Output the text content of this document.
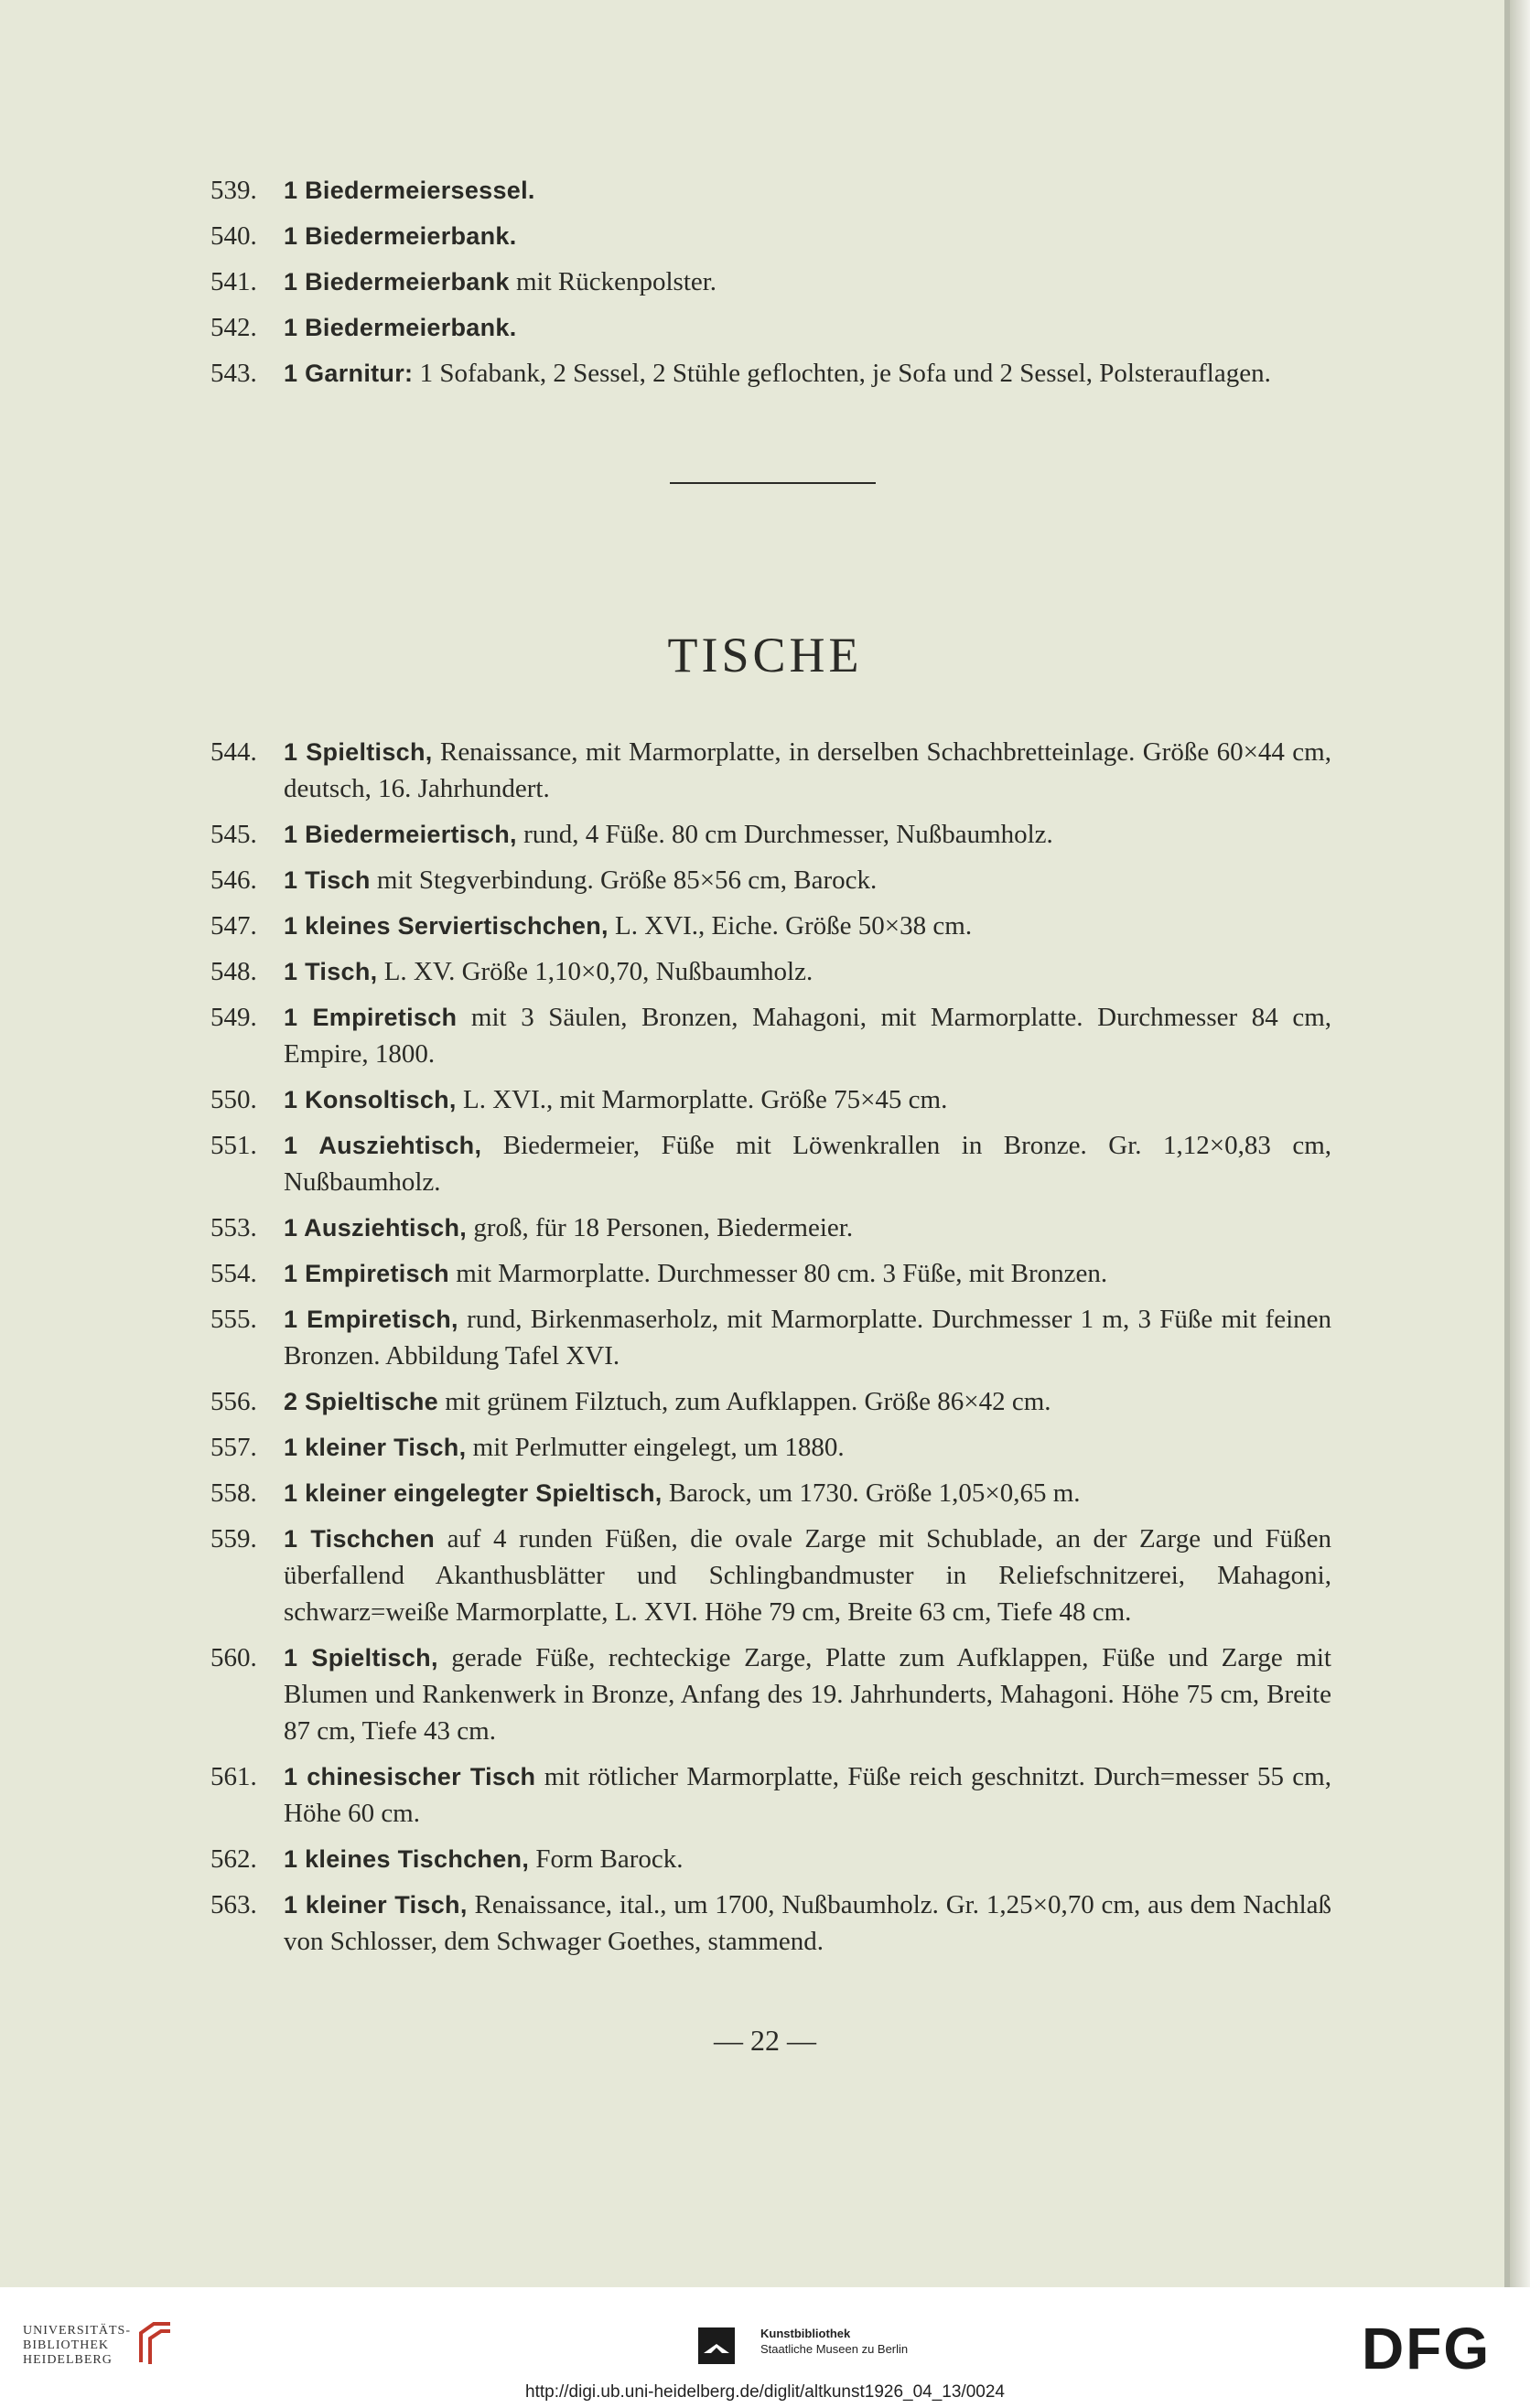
539.	1 Biedermeiersessel.
540.	1 Biedermeierbank.
541.	1 Biedermeierbank mit Rückenpolster.
542.	1 Biedermeierbank.
543.	1 Garnitur: 1 Sofabank, 2 Sessel, 2 Stühle geflochten, je Sofa und 2 Sessel, Polsterauflagen.
TISCHE
544.	1 Spieltisch, Renaissance, mit Marmorplatte, in derselben Schachbretteinlage. Größe 60×44 cm, deutsch, 16. Jahrhundert.
545.	1 Biedermeiertisch, rund, 4 Füße. 80 cm Durchmesser, Nußbaumholz.
546.	1 Tisch mit Stegverbindung. Größe 85×56 cm, Barock.
547.	1 kleines Serviertischchen, L. XVI., Eiche. Größe 50×38 cm.
548.	1 Tisch, L. XV. Größe 1,10×0,70, Nußbaumholz.
549.	1 Empiretisch mit 3 Säulen, Bronzen, Mahagoni, mit Marmorplatte. Durchmesser 84 cm, Empire, 1800.
550.	1 Konsoltisch, L. XVI., mit Marmorplatte. Größe 75×45 cm.
551.	1 Ausziehtisch, Biedermeier, Füße mit Löwenkrallen in Bronze. Gr. 1,12×0,83 cm, Nußbaumholz.
553.	1 Ausziehtisch, groß, für 18 Personen, Biedermeier.
554.	1 Empiretisch mit Marmorplatte. Durchmesser 80 cm. 3 Füße, mit Bronzen.
555.	1 Empiretisch, rund, Birkenmaserholz, mit Marmorplatte. Durchmesser 1 m, 3 Füße mit feinen Bronzen. Abbildung Tafel XVI.
556.	2 Spieltische mit grünem Filztuch, zum Aufklappen. Größe 86×42 cm.
557.	1 kleiner Tisch, mit Perlmutter eingelegt, um 1880.
558.	1 kleiner eingelegter Spieltisch, Barock, um 1730. Größe 1,05×0,65 m.
559.	1 Tischchen auf 4 runden Füßen, die ovale Zarge mit Schublade, an der Zarge und Füßen überfallend Akanthusblätter und Schlingbandmuster in Reliefschnitzerei, Mahagoni, schwarz=weiße Marmorplatte, L. XVI. Höhe 79 cm, Breite 63 cm, Tiefe 48 cm.
560.	1 Spieltisch, gerade Füße, rechteckige Zarge, Platte zum Aufklappen, Füße und Zarge mit Blumen und Rankenwerk in Bronze, Anfang des 19. Jahrhunderts, Mahagoni. Höhe 75 cm, Breite 87 cm, Tiefe 43 cm.
561.	1 chinesischer Tisch mit rötlicher Marmorplatte, Füße reich geschnitzt. Durch=messer 55 cm, Höhe 60 cm.
562.	1 kleines Tischchen, Form Barock.
563.	1 kleiner Tisch, Renaissance, ital., um 1700, Nußbaumholz. Gr. 1,25×0,70 cm, aus dem Nachlaß von Schlosser, dem Schwager Goethes, stammend.
— 22 —
UNIVERSITÄTS-
BIBLIOTHEK
HEIDELBERG
Kunstbibliothek
Staatliche Museen zu Berlin	DFG
http://digi.ub.uni-heidelberg.de/diglit/altkunst1926_04_13/0024
